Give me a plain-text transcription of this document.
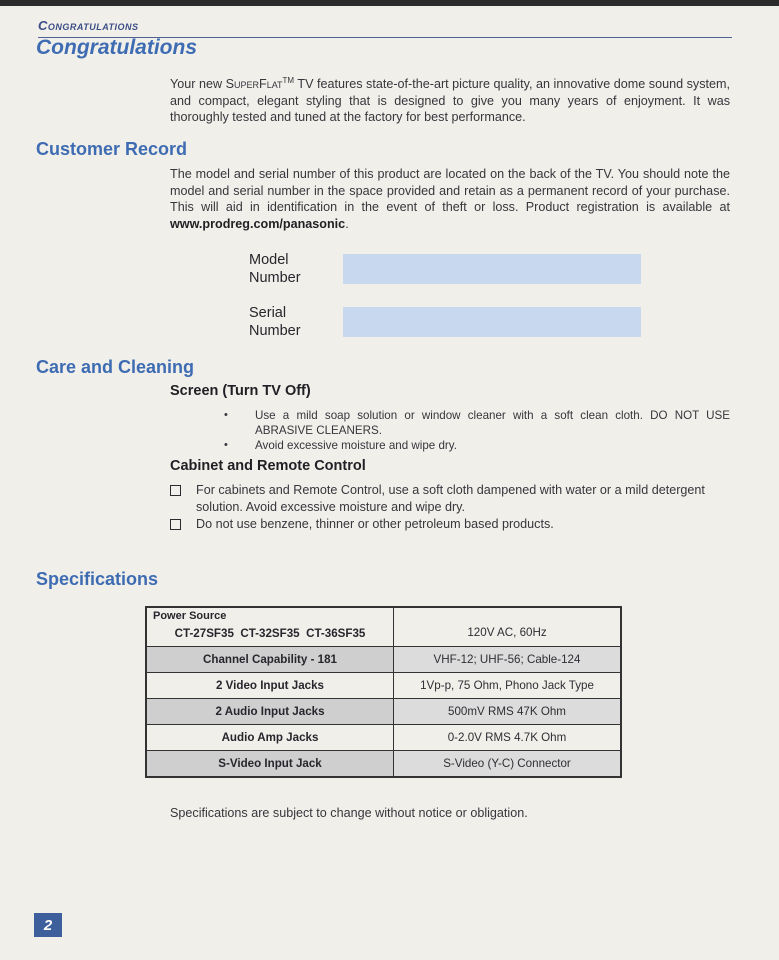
Congratulations
Congratulations
Your new SuperFlat™ TV features state-of-the-art picture quality, an innovative dome sound system, and compact, elegant styling that is designed to give you many years of enjoyment. It was thoroughly tested and tuned at the factory for best performance.
Customer Record
The model and serial number of this product are located on the back of the TV. You should note the model and serial number in the space provided and retain as a permanent record of your purchase. This will aid in identification in the event of theft or loss. Product registration is available at www.prodreg.com/panasonic.
Model
Number
Serial
Number
Care and Cleaning
Screen (Turn TV Off)
• Use a mild soap solution or window cleaner with a soft clean cloth. DO NOT USE ABRASIVE CLEANERS.
• Avoid excessive moisture and wipe dry.
Cabinet and Remote Control
For cabinets and Remote Control, use a soft cloth dampened with water or a mild detergent solution. Avoid excessive moisture and wipe dry.
Do not use benzene, thinner or other petroleum based products.
Specifications
Power Source
CT-27SF35  CT-32SF35  CT-36SF35	120V AC, 60Hz
Channel Capability - 181	VHF-12; UHF-56; Cable-124
2 Video Input Jacks	1Vp-p, 75 Ohm, Phono Jack Type
2 Audio Input Jacks	500mV RMS 47K Ohm
Audio Amp Jacks	0-2.0V RMS 4.7K Ohm
S-Video Input Jack	S-Video (Y-C) Connector
Specifications are subject to change without notice or obligation.
2
